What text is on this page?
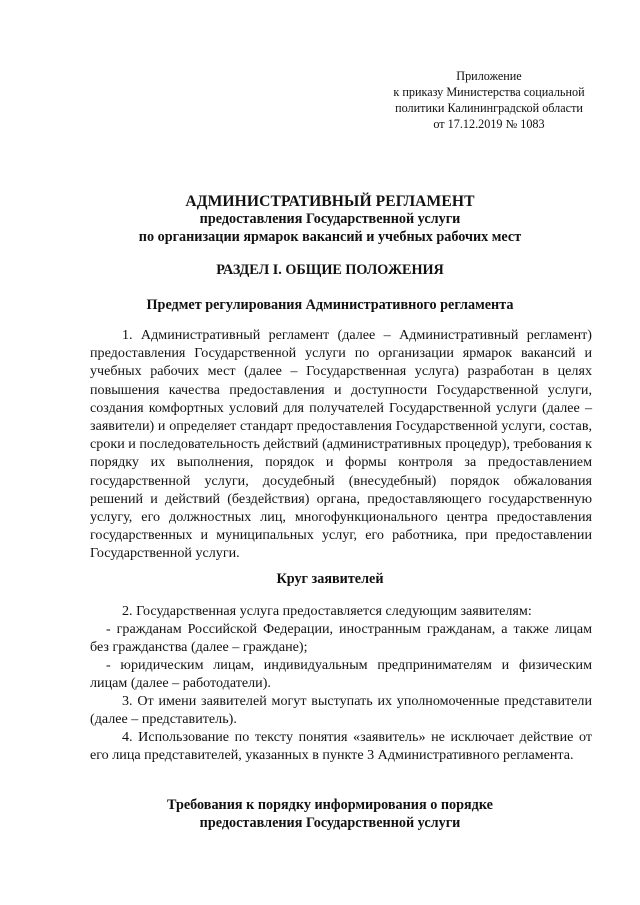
Приложение
к приказу Министерства социальной
политики Калининградской области
от 17.12.2019 № 1083
АДМИНИСТРАТИВНЫЙ РЕГЛАМЕНТ
предоставления Государственной услуги
по организации ярмарок вакансий и учебных рабочих мест
РАЗДЕЛ I. ОБЩИЕ ПОЛОЖЕНИЯ
Предмет регулирования Административного регламента

1. Административный регламент (далее – Административный регламент) предоставления Государственной услуги по организации ярмарок вакансий и учебных рабочих мест (далее – Государственная услуга) разработан в целях повышения качества предоставления и доступности Государственной услуги, создания комфортных условий для получателей Государственной услуги (далее – заявители) и определяет стандарт предоставления Государственной услуги, состав, сроки и последовательность действий (административных процедур), требования к порядку их выполнения, порядок и формы контроля за предоставлением государственной услуги, досудебный (внесудебный) порядок обжалования решений и действий (бездействия) органа, предоставляющего государственную услугу, его должностных лиц, многофункционального центра предоставления государственных и муниципальных услуг, его работника, при предоставлении Государственной услуги.

Круг заявителей

2. Государственная услуга предоставляется следующим заявителям:

- гражданам Российской Федерации, иностранным гражданам, а также лицам без гражданства (далее – граждане);

- юридическим лицам, индивидуальным предпринимателям и физическим лицам (далее – работодатели).

3. От имени заявителей могут выступать их уполномоченные представители (далее – представитель).

4. Использование по тексту понятия «заявитель» не исключает действие от его лица представителей, указанных в пункте 3 Административного регламента.

Требования к порядку информирования о порядке
предоставления Государственной услуги
